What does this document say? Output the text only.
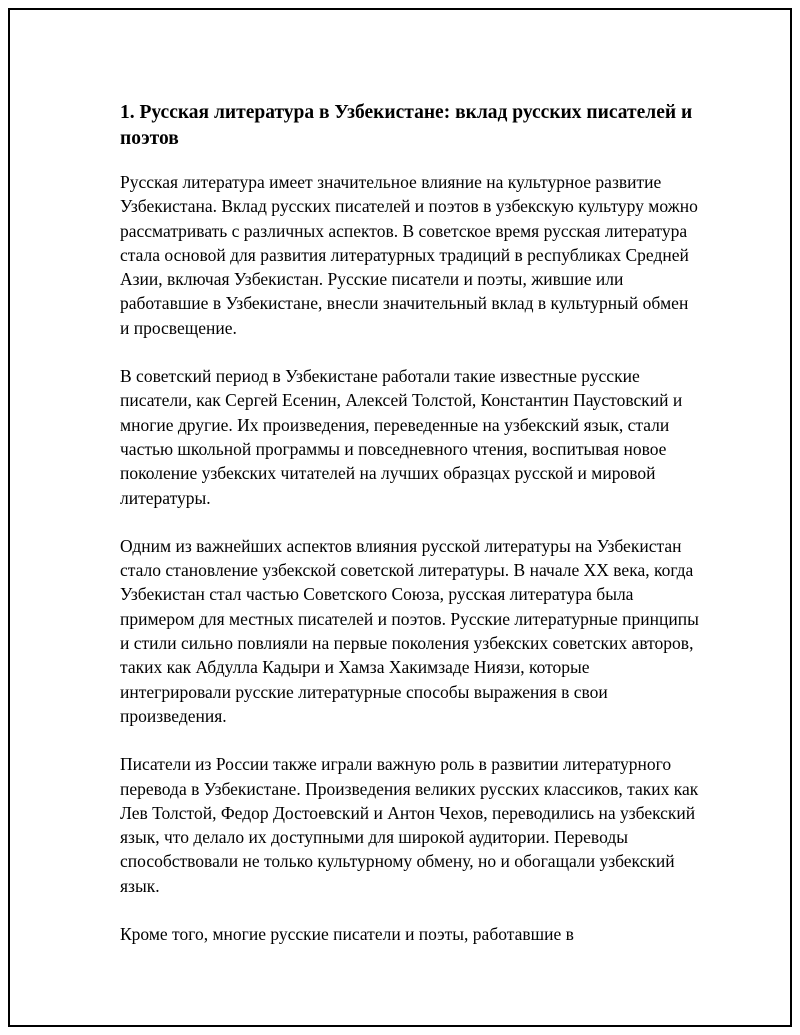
1. Русская литература в Узбекистане: вклад русских писателей и поэтов

Русская литература имеет значительное влияние на культурное развитие Узбекистана. Вклад русских писателей и поэтов в узбекскую культуру можно рассматривать с различных аспектов. В советское время русская литература стала основой для развития литературных традиций в республиках Средней Азии, включая Узбекистан. Русские писатели и поэты, жившие или работавшие в Узбекистане, внесли значительный вклад в культурный обмен и просвещение.

В советский период в Узбекистане работали такие известные русские писатели, как Сергей Есенин, Алексей Толстой, Константин Паустовский и многие другие. Их произведения, переведенные на узбекский язык, стали частью школьной программы и повседневного чтения, воспитывая новое поколение узбекских читателей на лучших образцах русской и мировой литературы.

Одним из важнейших аспектов влияния русской литературы на Узбекистан стало становление узбекской советской литературы. В начале XX века, когда Узбекистан стал частью Советского Союза, русская литература была примером для местных писателей и поэтов. Русские литературные принципы и стили сильно повлияли на первые поколения узбекских советских авторов, таких как Абдулла Кадыри и Хамза Хакимзаде Ниязи, которые интегрировали русские литературные способы выражения в свои произведения.

Писатели из России также играли важную роль в развитии литературного перевода в Узбекистане. Произведения великих русских классиков, таких как Лев Толстой, Федор Достоевский и Антон Чехов, переводились на узбекский язык, что делало их доступными для широкой аудитории. Переводы способствовали не только культурному обмену, но и обогащали узбекский язык.

Кроме того, многие русские писатели и поэты, работавшие в
